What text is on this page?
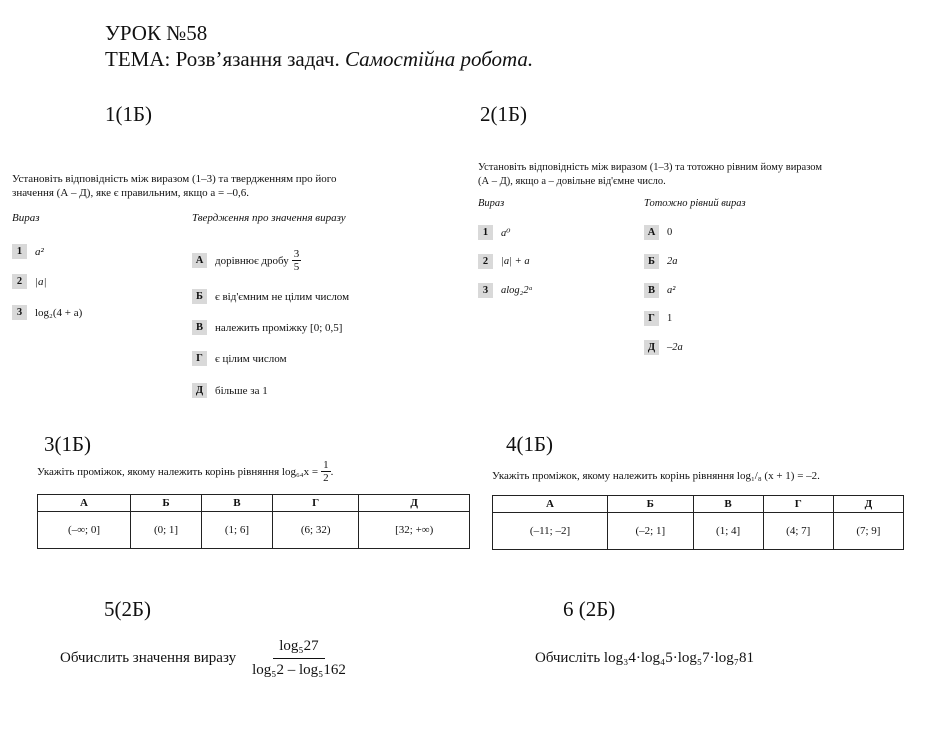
УРОК №58
ТЕМА: Розв’язання задач. Самостійна робота.
1(1Б)	2(1Б)
Установіть відповідність між виразом (1–3) та твердженням про його
значення (А – Д), яке є правильним, якщо a = –0,6.
Вираз	Твердження про значення виразу
1	a²
2	|a|
3	log₂(4 + a)
А	дорівнює дробу $\frac{3}{5}$
Б	є від'ємним не цілим числом
В	належить проміжку [0; 0,5]
Г	є цілим числом
Д	більше за 1
Установіть відповідність між виразом (1–3) та тотожно рівним йому виразом
(А – Д), якщо a – довільне від'ємне число.
Вираз	Тотожно рівний вираз
1	a⁰
2	|a| + a
3	alog₂2ᵃ
А	0
Б	2a
В	a²
Г	1
Д	–2a
3(1Б)
Укажіть проміжок, якому належить корінь рівняння $\log_{64}x = \frac{1}{2}$ .
А	Б	В	Г	Д
(–∞; 0]	(0; 1]	(1; 6]	(6; 32)	[32; +∞)
4(1Б)
Укажіть проміжок, якому належить корінь рівняння log₁/₈ (x + 1) = –2.
А	Б	В	Г	Д
(–11; –2]	(–2; 1]	(1; 4]	(4; 7]	(7; 9]
5(2Б)
Обчислить значення виразу $\frac{\text{log₅27}}{\text{log₅2 – log₅162}}$
6 (2Б)
Обчисліть log₃4·log₄5·log₅7·log₇81
